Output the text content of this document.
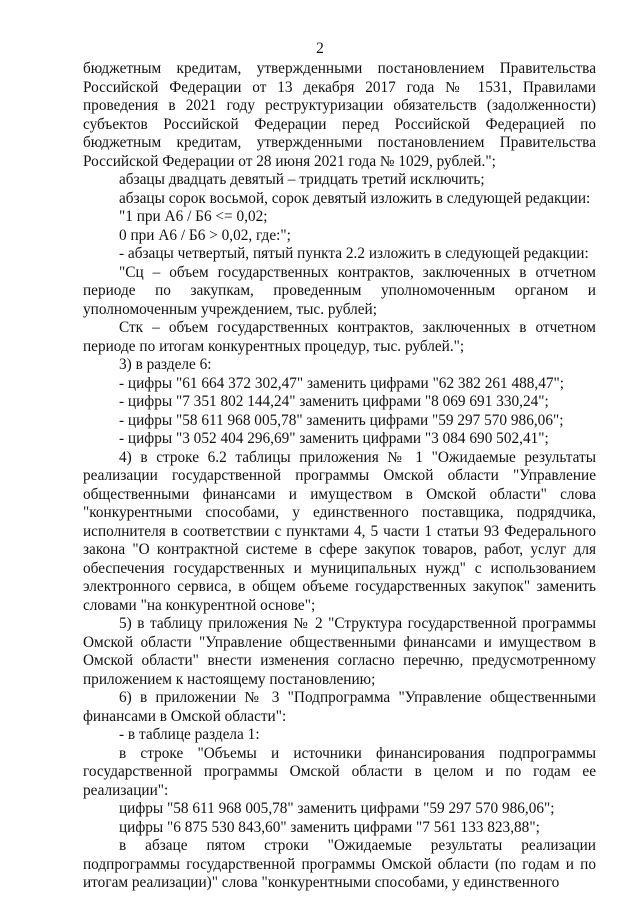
2

бюджетным кредитам, утвержденными постановлением Правительства Российской Федерации от 13 декабря 2017 года № 1531, Правилами проведения в 2021 году реструктуризации обязательств (задолженности) субъектов Российской Федерации перед Российской Федерацией по бюджетным кредитам, утвержденными постановлением Правительства Российской Федерации от 28 июня 2021 года № 1029, рублей.";

абзацы двадцать девятый – тридцать третий исключить;

абзацы сорок восьмой, сорок девятый изложить в следующей редакции:

"1 при А6 / Б6 <= 0,02;

0 при А6 / Б6 > 0,02, где:";

- абзацы четвертый, пятый пункта 2.2 изложить в следующей редакции:

"Сц – объем государственных контрактов, заключенных в отчетном периоде по закупкам, проведенным уполномоченным органом и уполномоченным учреждением, тыс. рублей;

Стк – объем государственных контрактов, заключенных в отчетном периоде по итогам конкурентных процедур, тыс. рублей.";

3) в разделе 6:

- цифры "61 664 372 302,47" заменить цифрами "62 382 261 488,47";

- цифры "7 351 802 144,24" заменить цифрами "8 069 691 330,24";

- цифры "58 611 968 005,78" заменить цифрами "59 297 570 986,06";

- цифры "3 052 404 296,69" заменить цифрами "3 084 690 502,41";

4) в строке 6.2 таблицы приложения № 1 "Ожидаемые результаты реализации государственной программы Омской области "Управление общественными финансами и имуществом в Омской области" слова "конкурентными способами, у единственного поставщика, подрядчика, исполнителя в соответствии с пунктами 4, 5 части 1 статьи 93 Федерального закона "О контрактной системе в сфере закупок товаров, работ, услуг для обеспечения государственных и муниципальных нужд" с использованием электронного сервиса, в общем объеме государственных закупок" заменить словами "на конкурентной основе";

5) в таблицу приложения № 2 "Структура государственной программы Омской области "Управление общественными финансами и имуществом в Омской области" внести изменения согласно перечню, предусмотренному приложением к настоящему постановлению;

6) в приложении № 3 "Подпрограмма "Управление общественными финансами в Омской области":

- в таблице раздела 1:

в строке "Объемы и источники финансирования подпрограммы государственной программы Омской области в целом и по годам ее реализации":

цифры "58 611 968 005,78" заменить цифрами "59 297 570 986,06";

цифры "6 875 530 843,60" заменить цифрами "7 561 133 823,88";

в абзаце пятом строки "Ожидаемые результаты реализации подпрограммы государственной программы Омской области (по годам и по итогам реализации)" слова "конкурентными способами, у единственного
